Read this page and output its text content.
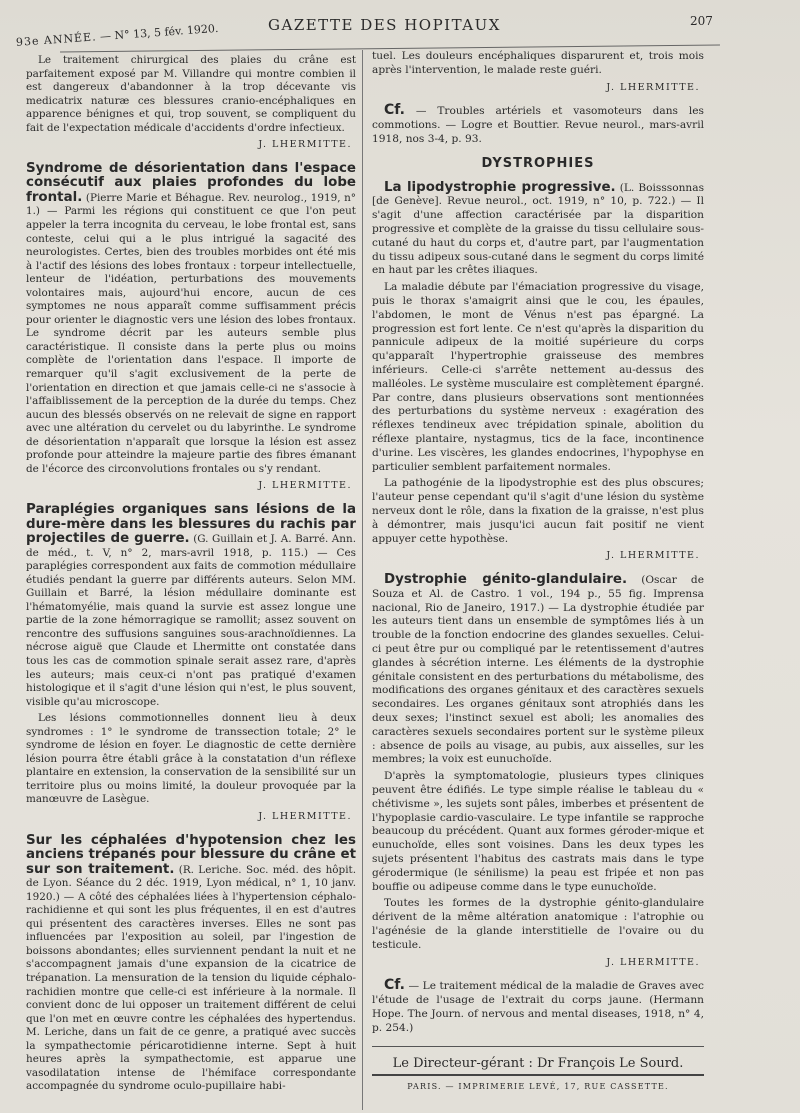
93e ANNÉE. — N° 13, 5 fév. 1920.	GAZETTE DES HOPITAUX	207

Le traitement chirurgical des plaies du crâne est parfaitement exposé par M. Villandre qui montre combien il est dangereux d'abandonner à la trop décevante vis medicatrix naturæ ces blessures cranio-encéphaliques en apparence bénignes et qui, trop souvent, se compliquent du fait de l'expectation médicale d'accidents d'ordre infectieux.

J. LHERMITTE.

Syndrome de désorientation dans l'espace consécutif aux plaies profondes du lobe frontal. (Pierre Marie et Béhague. Rev. neurolog., 1919, n° 1.) — Parmi les régions qui constituent ce que l'on peut appeler la terra incognita du cerveau, le lobe frontal est, sans conteste, celui qui a le plus intrigué la sagacité des neurologistes. Certes, bien des troubles morbides ont été mis à l'actif des lésions des lobes frontaux : torpeur intellectuelle, lenteur de l'idéation, perturbations des mouvements volontaires mais, aujourd'hui encore, aucun de ces symptomes ne nous apparaît comme suffisamment précis pour orienter le diagnostic vers une lésion des lobes frontaux. Le syndrome décrit par les auteurs semble plus caractéristique. Il consiste dans la perte plus ou moins complète de l'orientation dans l'espace. Il importe de remarquer qu'il s'agit exclusivement de la perte de l'orientation en direction et que jamais celle-ci ne s'associe à l'affaiblissement de la perception de la durée du temps. Chez aucun des blessés observés on ne relevait de signe en rapport avec une altération du cervelet ou du labyrinthe. Le syndrome de désorientation n'apparaît que lorsque la lésion est assez profonde pour atteindre la majeure partie des fibres émanant de l'écorce des circonvolutions frontales ou s'y rendant.

J. LHERMITTE.

Paraplégies organiques sans lésions de la dure-mère dans les blessures du rachis par projectiles de guerre. (G. Guillain et J. A. Barré. Ann. de méd., t. V, n° 2, mars-avril 1918, p. 115.) — Ces paraplégies correspondent aux faits de commotion médullaire étudiés pendant la guerre par différents auteurs. Selon MM. Guillain et Barré, la lésion médullaire dominante est l'hématomyélie, mais quand la survie est assez longue une partie de la zone hémorragique se ramollit; assez souvent on rencontre des suffusions sanguines sous-arachnoïdiennes. La nécrose aiguë que Claude et Lhermitte ont constatée dans tous les cas de commotion spinale serait assez rare, d'après les auteurs; mais ceux-ci n'ont pas pratiqué d'examen histologique et il s'agit d'une lésion qui n'est, le plus souvent, visible qu'au microscope.

Les lésions commotionnelles donnent lieu à deux syndromes : 1° le syndrome de transsection totale; 2° le syndrome de lésion en foyer. Le diagnostic de cette dernière lésion pourra être établi grâce à la constatation d'un réflexe plantaire en extension, la conservation de la sensibilité sur un territoire plus ou moins limité, la douleur provoquée par la manœuvre de Lasègue.

J. LHERMITTE.

Sur les céphalées d'hypotension chez les anciens trépanés pour blessure du crâne et sur son traitement. (R. Leriche. Soc. méd. des hôpit. de Lyon. Séance du 2 déc. 1919, Lyon médical, n° 1, 10 janv. 1920.) — A côté des céphalées liées à l'hypertension céphalo-rachidienne et qui sont les plus fréquentes, il en est d'autres qui présentent des caractères inverses. Elles ne sont pas influencées par l'exposition au soleil, par l'ingestion de boissons abondantes; elles surviennent pendant la nuit et ne s'accompagnent jamais d'une expansion de la cicatrice de trépanation. La mensuration de la tension du liquide céphalo-rachidien montre que celle-ci est inférieure à la normale. Il convient donc de lui opposer un traitement différent de celui que l'on met en œuvre contre les céphalées des hypertendus. M. Leriche, dans un fait de ce genre, a pratiqué avec succès la sympathectomie péricarotidienne interne. Sept à huit heures après la sympathectomie, est apparue une vasodilatation intense de l'hémiface correspondante accompagnée du syndrome oculo-pupillaire habi-

tuel. Les douleurs encéphaliques disparurent et, trois mois après l'intervention, le malade reste guéri.

J. LHERMITTE.

Cf. — Troubles artériels et vasomoteurs dans les commotions. — Logre et Bouttier. Revue neurol., mars-avril 1918, nos 3-4, p. 93.

DYSTROPHIES

La lipodystrophie progressive. (L. Boisssonnas [de Genève]. Revue neurol., oct. 1919, n° 10, p. 722.) — Il s'agit d'une affection caractérisée par la disparition progressive et complète de la graisse du tissu cellulaire sous-cutané du haut du corps et, d'autre part, par l'augmentation du tissu adipeux sous-cutané dans le segment du corps limité en haut par les crêtes iliaques.

La maladie débute par l'émaciation progressive du visage, puis le thorax s'amaigrit ainsi que le cou, les épaules, l'abdomen, le mont de Vénus n'est pas épargné. La progression est fort lente. Ce n'est qu'après la disparition du pannicule adipeux de la moitié supérieure du corps qu'apparaît l'hypertrophie graisseuse des membres inférieurs. Celle-ci s'arrête nettement au-dessus des malléoles. Le système musculaire est complètement épargné. Par contre, dans plusieurs observations sont mentionnées des perturbations du système nerveux : exagération des réflexes tendineux avec trépidation spinale, abolition du réflexe plantaire, nystagmus, tics de la face, incontinence d'urine. Les viscères, les glandes endocrines, l'hypophyse en particulier semblent parfaitement normales.

La pathogénie de la lipodystrophie est des plus obscures; l'auteur pense cependant qu'il s'agit d'une lésion du système nerveux dont le rôle, dans la fixation de la graisse, n'est plus à démontrer, mais jusqu'ici aucun fait positif ne vient appuyer cette hypothèse.

J. LHERMITTE.

Dystrophie génito-glandulaire. (Oscar de Souza et Al. de Castro. 1 vol., 194 p., 55 fig. Imprensa nacional, Rio de Janeiro, 1917.) — La dystrophie étudiée par les auteurs tient dans un ensemble de symptômes liés à un trouble de la fonction endocrine des glandes sexuelles. Celui-ci peut être pur ou compliqué par le retentissement d'autres glandes à sécrétion interne. Les éléments de la dystrophie génitale consistent en des perturbations du métabolisme, des modifications des organes génitaux et des caractères sexuels secondaires. Les organes génitaux sont atrophiés dans les deux sexes; l'instinct sexuel est aboli; les anomalies des caractères sexuels secondaires portent sur le système pileux : absence de poils au visage, au pubis, aux aisselles, sur les membres; la voix est eunuchoïde.

D'après la symptomatologie, plusieurs types cliniques peuvent être édifiés. Le type simple réalise le tableau du « chétivisme », les sujets sont pâles, imberbes et présentent de l'hypoplasie cardio-vasculaire. Le type infantile se rapproche beaucoup du précédent. Quant aux formes géroder-mique et eunuchoïde, elles sont voisines. Dans les deux types les sujets présentent l'habitus des castrats mais dans le type gérodermique (le sénilisme) la peau est fripée et non pas bouffie ou adipeuse comme dans le type eunuchoïde.

Toutes les formes de la dystrophie génito-glandulaire dérivent de la même altération anatomique : l'atrophie ou l'agénésie de la glande interstitielle de l'ovaire ou du testicule.

J. LHERMITTE.

Cf. — Le traitement médical de la maladie de Graves avec l'étude de l'usage de l'extrait du corps jaune. (Hermann Hope. The Journ. of nervous and mental diseases, 1918, n° 4, p. 254.)

Le Directeur-gérant : Dr François Le Sourd.
PARIS. — IMPRIMERIE LEVÉ, 17, RUE CASSETTE.
